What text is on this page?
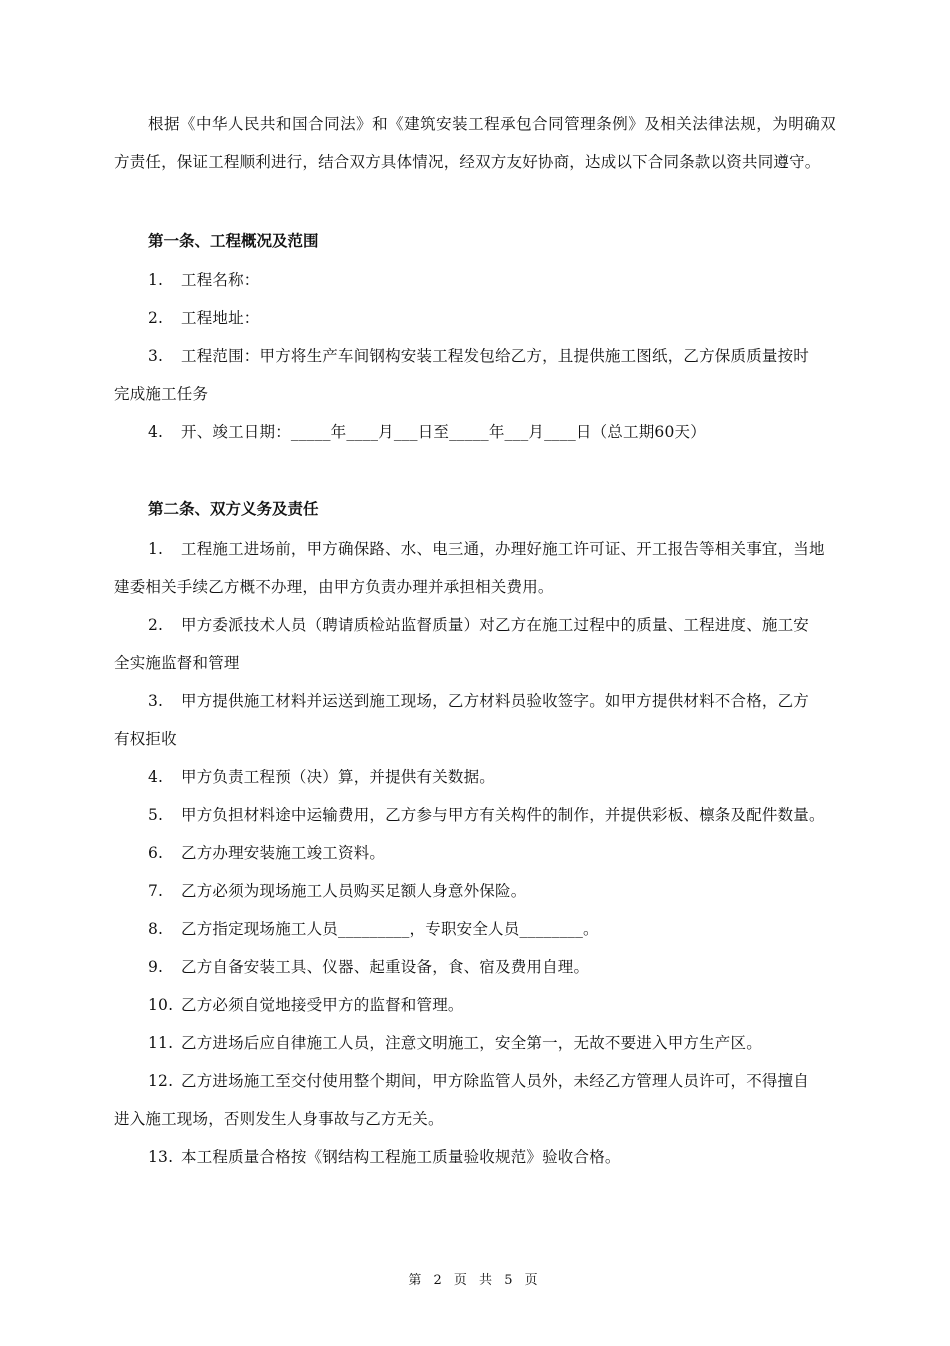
根据《中华人民共和国合同法》和《建筑安装工程承包合同管理条例》及相关法律法规，为明确双方责任，保证工程顺利进行，结合双方具体情况，经双方友好协商，达成以下合同条款以资共同遵守。
第一条、工程概况及范围
1. 工程名称：
2. 工程地址：
3. 工程范围：甲方将生产车间钢构安装工程发包给乙方，且提供施工图纸，乙方保质质量按时
完成施工任务
4. 开、竣工日期：_____年____月___日至_____年___月____日（总工期60天）
第二条、双方义务及责任
1. 工程施工进场前，甲方确保路、水、电三通，办理好施工许可证、开工报告等相关事宜，当地
建委相关手续乙方概不办理，由甲方负责办理并承担相关费用。
2. 甲方委派技术人员（聘请质检站监督质量）对乙方在施工过程中的质量、工程进度、施工安
全实施监督和管理
3. 甲方提供施工材料并运送到施工现场，乙方材料员验收签字。如甲方提供材料不合格，乙方
有权拒收
4. 甲方负责工程预（决）算，并提供有关数据。
5. 甲方负担材料途中运输费用，乙方参与甲方有关构件的制作，并提供彩板、檩条及配件数量。
6. 乙方办理安装施工竣工资料。
7. 乙方必须为现场施工人员购买足额人身意外保险。
8. 乙方指定现场施工人员_________，专职安全人员________。
9. 乙方自备安装工具、仪器、起重设备，食、宿及费用自理。
10. 乙方必须自觉地接受甲方的监督和管理。
11. 乙方进场后应自律施工人员，注意文明施工，安全第一，无故不要进入甲方生产区。
12. 乙方进场施工至交付使用整个期间，甲方除监管人员外，未经乙方管理人员许可，不得擅自
进入施工现场，否则发生人身事故与乙方无关。
13. 本工程质量合格按《钢结构工程施工质量验收规范》验收合格。
第 2 页 共 5 页
